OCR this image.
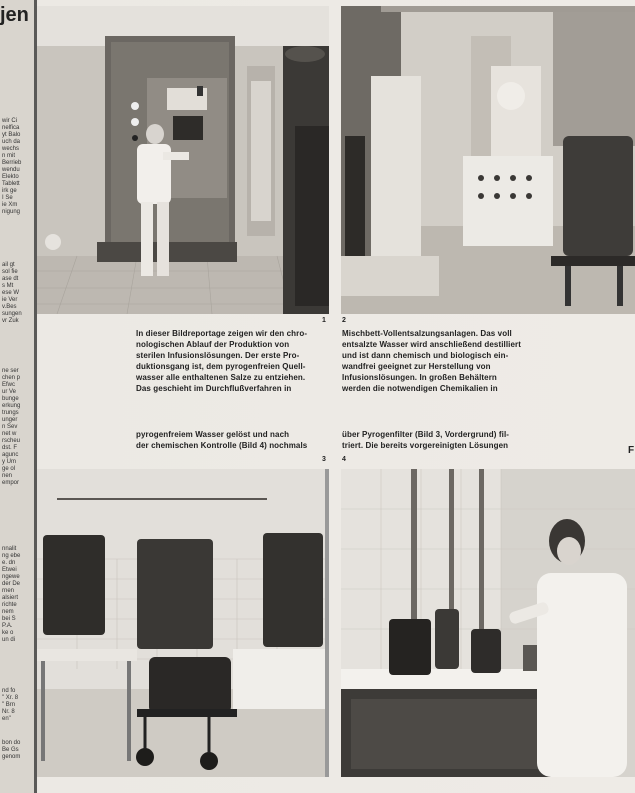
jen
wir Ci
nelfica
yt Balo
uch da
wechs
n mit
Berrieb
wendu
Elekto
Tablett
irk ge
I Se
ie Xm
nigung
ail gt
sol fie
ase dt
s Mt
ese W
ie Ver
v.Bes
sungen
vr Zuk
ne ser
chen p
Efwc
ur Ve
bunge
erkung
trungs
unger
n Sev
net w
rscheu
dst. F
agunc
y Um
ge ol
nen
empor
nnalit
ng ebe
e. dn
Etwei
ngewe
der De
rnen
alsiert
richte
nem
bei S
P.A.
ke o
un di
nd fo
" Xr. 8
" Brn
Nr. 8
en"
bon do
Be Gs
genom
1 2
3 4
In dieser Bildreportage zeigen wir den chro-
nologischen Ablauf der Produktion von
sterilen Infusionslösungen. Der erste Pro-
duktionsgang ist, dem pyrogenfreien Quell-
wasser alle enthaltenen Salze zu entziehen.
Das geschieht im Durchflußverfahren in
Mischbett-Vollentsalzungsanlagen. Das voll
entsalzte Wasser wird anschließend destilliert
und ist dann chemisch und biologisch ein-
wandfrei geeignet zur Herstellung von
Infusionslösungen. In großen Behältern
werden die notwendigen Chemikalien in
pyrogenfreiem Wasser gelöst und nach
der chemischen Kontrolle (Bild 4) nochmals
über Pyrogenfilter (Bild 3, Vordergrund) fil-
triert. Die bereits vorgereinigten Lösungen	F
